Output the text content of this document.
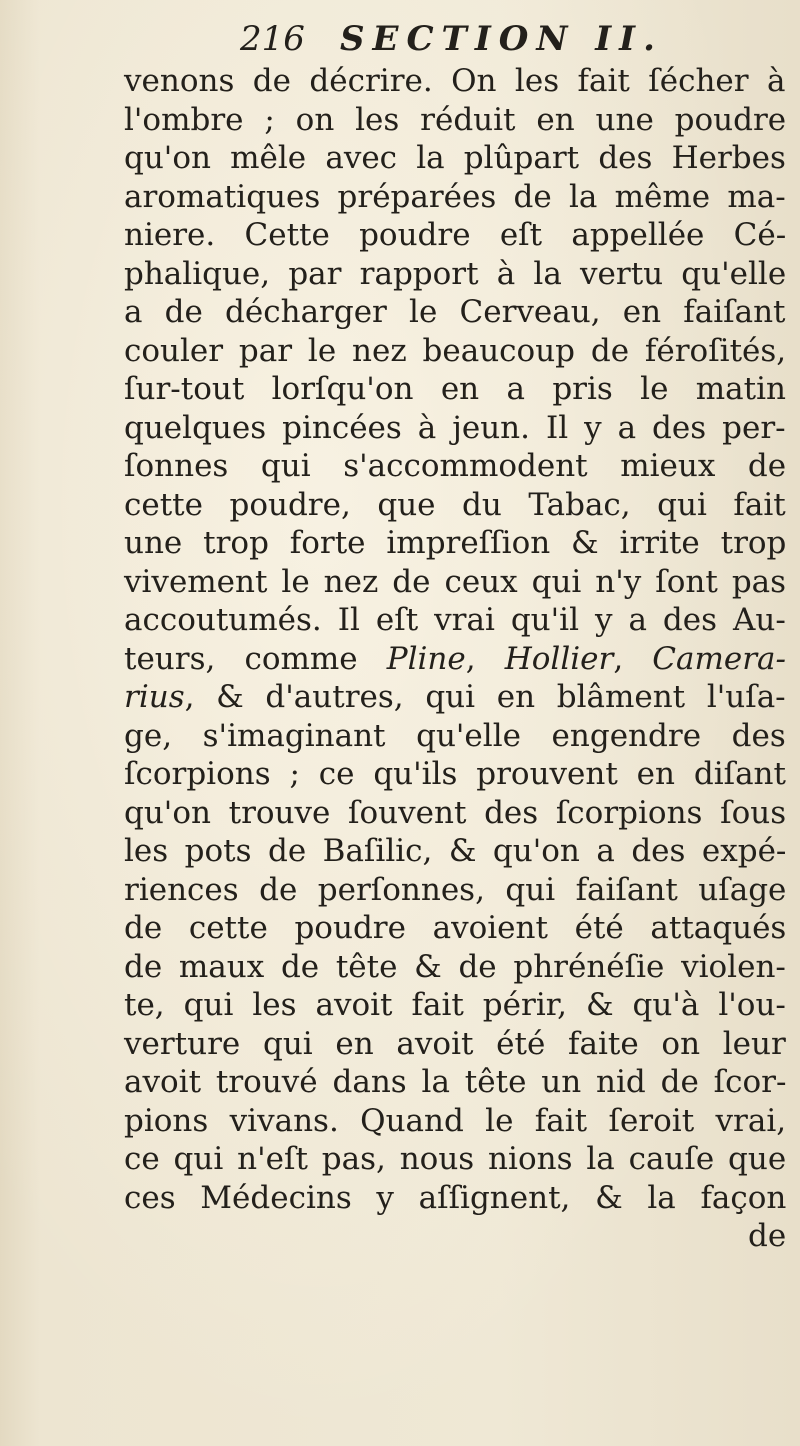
216 SECTION II.
venons de décrire. On les fait ſécher à
l'ombre ; on les réduit en une poudre
qu'on mêle avec la plûpart des Herbes
aromatiques préparées de la même ma-
niere. Cette poudre eſt appellée Cé-
phalique, par rapport à la vertu qu'elle
a de décharger le Cerveau, en faiſant
couler par le nez beaucoup de féroſités,
ſur-tout lorſqu'on en a pris le matin
quelques pincées à jeun. Il y a des per-
ſonnes qui s'accommodent mieux de
cette poudre, que du Tabac, qui fait
une trop forte impreſſion & irrite trop
vivement le nez de ceux qui n'y ſont pas
accoutumés. Il eſt vrai qu'il y a des Au-
teurs, comme Pline, Hollier, Camera-
rius, & d'autres, qui en blâment l'uſa-
ge, s'imaginant qu'elle engendre des
ſcorpions ; ce qu'ils prouvent en diſant
qu'on trouve ſouvent des ſcorpions ſous
les pots de Baſilic, & qu'on a des expé-
riences de perſonnes, qui faiſant uſage
de cette poudre avoient été attaqués
de maux de tête & de phrénéſie violen-
te, qui les avoit fait périr, & qu'à l'ou-
verture qui en avoit été faite on leur
avoit trouvé dans la tête un nid de ſcor-
pions vivans. Quand le fait ſeroit vrai,
ce qui n'eſt pas, nous nions la cauſe que
ces Médecins y aſſignent, & la façon
de
